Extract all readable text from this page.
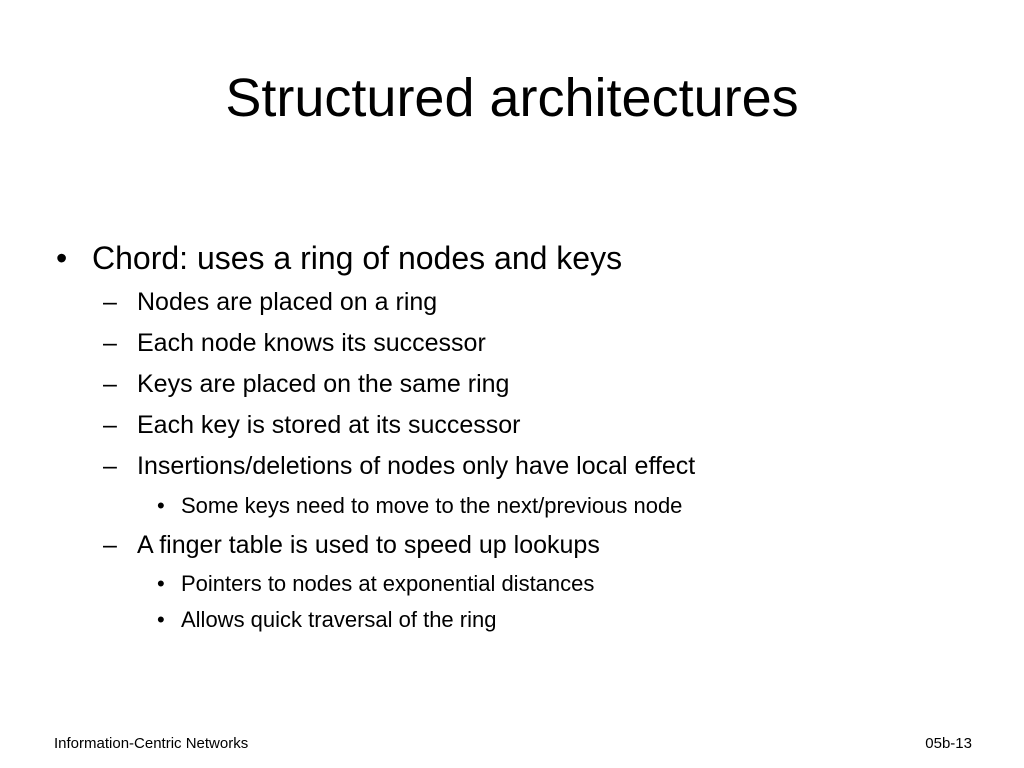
Structured architectures
• Chord: uses a ring of nodes and keys
– Nodes are placed on a ring
– Each node knows its successor
– Keys are placed on the same ring
– Each key is stored at its successor
– Insertions/deletions of nodes only have local effect
• Some keys need to move to the next/previous node
– A finger table is used to speed up lookups
• Pointers to nodes at exponential distances
• Allows quick traversal of the ring
Information-Centric Networks	05b-13
